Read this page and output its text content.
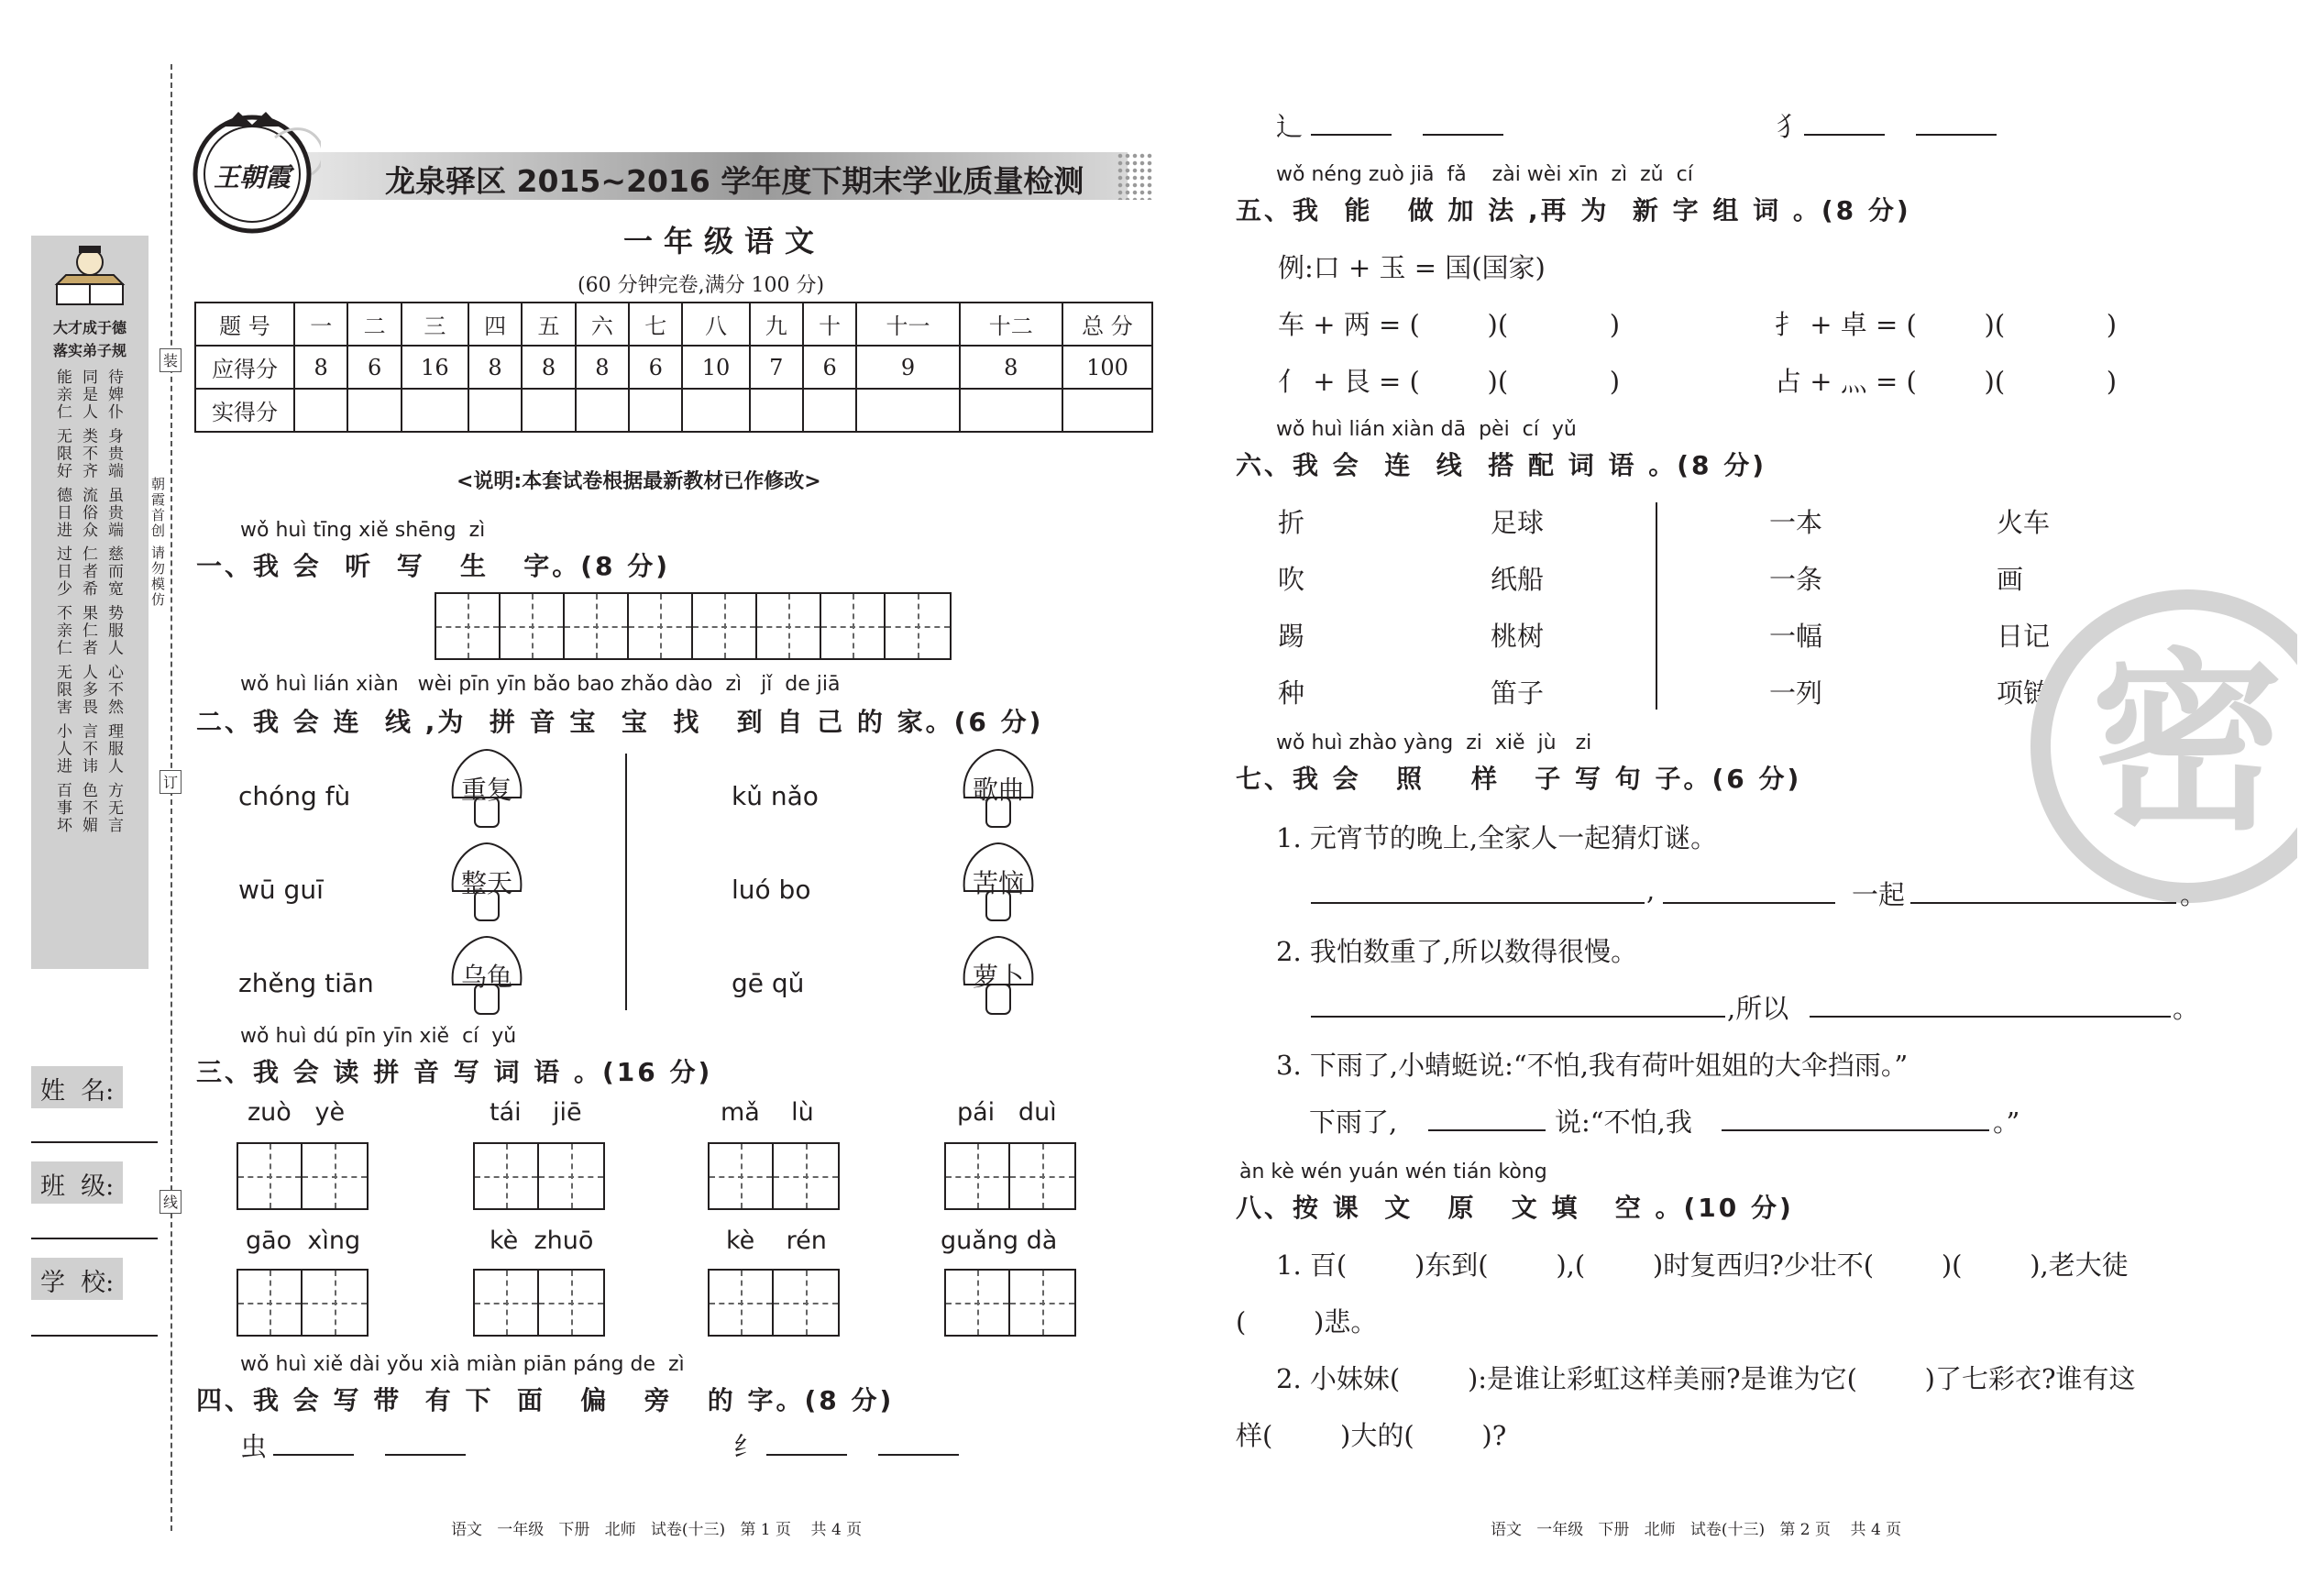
大才成于德
落实弟子规
待婢仆 身贵端 虽贵端 慈而宽 势服人 心不然 理服人 方无言
同是人 类不齐 流俗众 仁者希 果仁者 人多畏 言不讳 色不媚
能亲仁 无限好 德日进 过日少 不亲仁 无限害 小人进 百事坏	朝霞首创 请勿模仿
装
订
线
姓  名:
班  级:
学  校:
王朝霞	龙泉驿区 2015~2016 学年度下期末学业质量检测
一年级语文
(60 分钟完卷,满分 100 分)
题 号	一	二	三	四	五	六	七	八	九	十	十一	十二	总 分
应得分	8	6	16	8	8	8	6	10	7	6	9	8	100
实得分													
<说明:本套试卷根据最新教材已作修改>
wǒ huì tīng xiě shēng  zì
一、我 会  听  写   生   字。(8 分)
wǒ huì lián xiàn   wèi pīn yīn bǎo bao zhǎo dào  zì   jǐ  de jiā
二、我 会 连  线 ,为  拼 音 宝  宝  找   到 自 己 的 家。(6 分)
chóng fù
wū guī
zhěng tiān
kǔ nǎo
luó bo
gē qǔ
重复
整天
乌龟
歌曲
苦恼
萝卜
wǒ huì dú pīn yīn xiě  cí  yǔ
三、我 会 读 拼 音 写 词 语 。(16 分)
zuò   yè	tái    jiē	mǎ    lù	pái   duì
gāo  xìng	kè  zhuō	kè    rén	guǎng dà
wǒ huì xiě dài yǒu xià miàn piān páng de  zì
四、我 会 写 带  有 下  面   偏   旁   的 字。(8 分)
虫	纟
辶	犭
wǒ néng zuò jiā  fǎ    zài wèi xīn  zì  zǔ  cí
五、我  能   做 加 法 ,再 为  新 字 组 词 。(8 分)
例:口 + 玉 = 国(国家)
车 + 两 = (        )(            )	扌 + 卓 = (        )(            )
亻 + 艮 = (        )(            )	占 + 灬 = (        )(            )
wǒ huì lián xiàn dā  pèi  cí  yǔ
六、我 会  连  线  搭 配 词 语 。(8 分)
折
吹
踢
种
足球
纸船
桃树
笛子
一本
一条
一幅
一列
火车
画
日记
项链 密
wǒ huì zhào yàng  zi  xiě  jù   zi
七、我 会   照    样   子 写 句 子。(6 分)
1. 元宵节的晚上,全家人一起猜灯谜。
,	一起	。
2. 我怕数重了,所以数得很慢。
,所以	。
3. 下雨了,小蜻蜓说:“不怕,我有荷叶姐姐的大伞挡雨。”
下雨了,	说:“不怕,我	。”
àn kè wén yuán wén tián kòng
八、按 课  文   原   文 填   空 。(10 分)
1. 百(        )东到(        ),(        )时复西归?少壮不(        )(        ),老大徒
(        )悲。
2. 小妹妹(        ):是谁让彩虹这样美丽?是谁为它(        )了七彩衣?谁有这
样(        )大的(        )?
语文   一年级   下册   北师   试卷(十三)   第 1 页    共 4 页	语文   一年级   下册   北师   试卷(十三)   第 2 页    共 4 页
